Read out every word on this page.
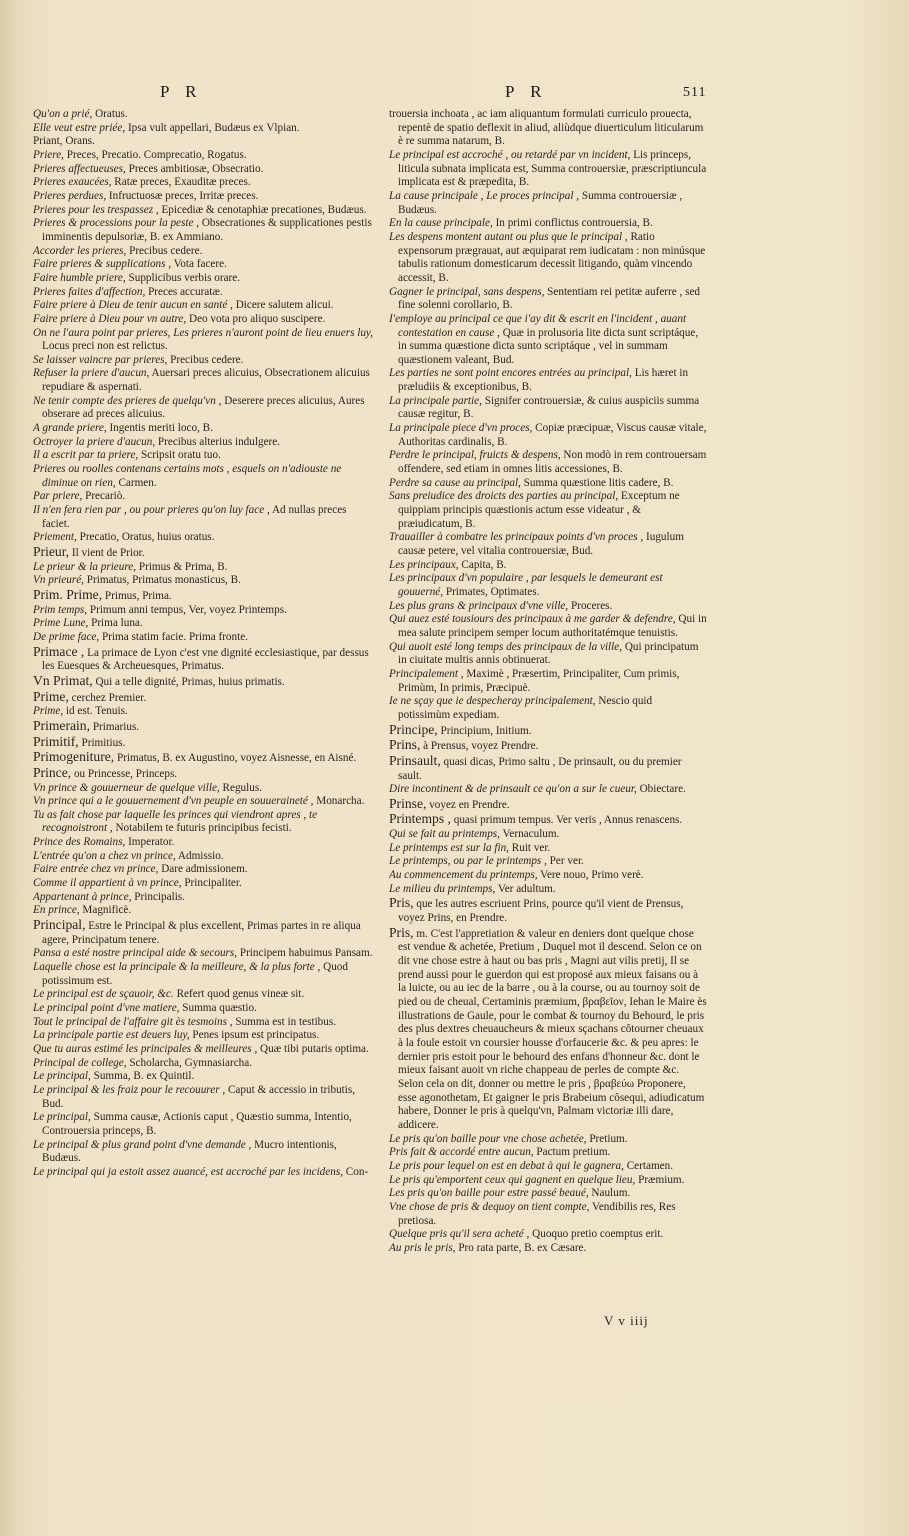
P R	P R	511
Qu'on a prié, Oratus.
Elle veut estre priée, Ipsa vult appellari, Budæus ex Vlpian.
Priant, Orans.
Priere, Preces, Precatio. Comprecatio, Rogatus.
Prieres affectueuses, Preces ambitiosæ, Obsecratio.
Prieres exaucées, Ratæ preces, Exauditæ preces.
Prieres perdues, Infructuosæ preces, Irritæ preces.
Prieres pour les trespassez , Epicediæ & cenotaphiæ precationes, Budæus.
Prieres & processions pour la peste , Obsecrationes & supplicationes pestis imminentis depulsoriæ, B. ex Ammiano.
Accorder les prieres, Precibus cedere.
Faire prieres & supplications , Vota facere.
Faire humble priere, Supplicibus verbis orare.
Prieres faites d'affection, Preces accuratæ.
Faire priere à Dieu de tenir aucun en santé , Dicere salutem alicui.
Faire priere à Dieu pour vn autre, Deo vota pro aliquo suscipere.
On ne l'aura point par prieres, Les prieres n'auront point de lieu enuers luy, Locus preci non est relictus.
Se laisser vaincre par prieres, Precibus cedere.
Refuser la priere d'aucun, Auersari preces alicuius, Obsecrationem alicuius repudiare & aspernati.
Ne tenir compte des prieres de quelqu'vn , Deserere preces alicuius, Aures obserare ad preces alicuius.
A grande priere, Ingentis meriti loco, B.
Octroyer la priere d'aucun, Precibus alterius indulgere.
Il a escrit par ta priere, Scripsit oratu tuo.
Prieres ou roolles contenans certains mots , esquels on n'adiouste ne diminue on rien, Carmen.
Par priere, Precariò.
Il n'en fera rien par , ou pour prieres qu'on luy face , Ad nullas preces faciet.
Priement, Precatio, Oratus, huius oratus.
Prieur, Il vient de Prior.
Le prieur & la prieure, Primus & Prima, B.
Vn prieuré, Primatus, Primatus monasticus, B.
Prim. Prime, Primus, Prima.
Prim temps, Primum anni tempus, Ver, voyez Printemps.
Prime Lune, Prima luna.
De prime face, Prima statim facie. Prima fronte.
Primace , La primace de Lyon c'est vne dignité ecclesiastique, par dessus les Euesques & Archeuesques, Primatus.
Vn Primat, Qui a telle dignité, Primas, huius primatis.
Prime, cerchez Premier.
Prime, id est. Tenuis.
Primerain, Primarius.
Primitif, Primitius.
Primogeniture, Primatus, B. ex Augustino, voyez Aisnesse, en Aisné.
Prince, ou Princesse, Princeps.
Vn prince & gouuerneur de quelque ville, Regulus.
Vn prince qui a le gouuernement d'vn peuple en souueraineté , Monarcha.
Tu as fait chose par laquelle les princes qui viendront apres , te recognoistront , Notabilem te futuris principibus fecisti.
Prince des Romains, Imperator.
L'entrée qu'on a chez vn prince, Admissio.
Faire entrée chez vn prince, Dare admissionem.
Comme il appartient à vn prince, Principaliter.
Appartenant à prince, Principalis.
En prince, Magnificè.
Principal, Estre le Principal & plus excellent, Primas partes in re aliqua agere, Principatum tenere.
Pansa a esté nostre principal aide & secours, Principem habuimus Pansam.
Laquelle chose est la principale & la meilleure, & la plus forte , Quod potissimum est.
Le principal est de sçauoir, &c. Refert quod genus vineæ sit.
Le principal point d'vne matiere, Summa quæstio.
Tout le principal de l'affaire git ès tesmoins , Summa est in testibus.
La principale partie est deuers luy, Penes ipsum est principatus.
Que tu auras estimé les principales & meilleures , Quæ tibi putaris optima.
Principal de college, Scholarcha, Gymnasiarcha.
Le principal, Summa, B. ex Quintil.
Le principal & les fraiz pour le recouurer , Caput & accessio in tributis, Bud.
Le principal, Summa causæ, Actionis caput , Quæstio summa, Intentio, Controuersia princeps, B.
Le principal & plus grand point d'vne demande , Mucro intentionis, Budæus.
Le principal qui ja estoit assez auancé, est accroché par les incidens, Con-
trouersia inchoata , ac iam aliquantum formulati curriculo prouecta, repentè de spatio deflexit in aliud, aliùdque diuerticulum liticularum è re summa natarum, B.
Le principal est accroché , ou retardé par vn incident, Lis princeps, liticula subnata implicata est, Summa controuersiæ, præscriptiuncula implicata est & præpedita, B.
La cause principale , Le proces principal , Summa controuersiæ , Budæus.
En la cause principale, In primi conflictus controuersia, B.
Les despens montent autant ou plus que le principal , Ratio expensorum prægrauat, aut æquiparat rem iudicatam : non minúsque tabulis rationum domesticarum decessit litigando, quàm vincendo accessit, B.
Gagner le principal, sans despens, Sententiam rei petitæ auferre , sed fine solenni corollario, B.
I'employe au principal ce que i'ay dit & escrit en l'incident , auant contestation en cause , Quæ in prolusoria lite dicta sunt scriptáque, in summa quæstione dicta sunto scriptáque , vel in summam quæstionem valeant, Bud.
Les parties ne sont point encores entrées au principal, Lis hæret in præludiis & exceptionibus, B.
La principale partie, Signifer controuersiæ, & cuius auspiciis summa causæ regitur, B.
La principale piece d'vn proces, Copiæ præcipuæ, Viscus causæ vitale, Authoritas cardinalis, B.
Perdre le principal, fruicts & despens, Non modò in rem controuersam offendere, sed etiam in omnes litis accessiones, B.
Perdre sa cause au principal, Summa quæstione litis cadere, B.
Sans preiudice des droicts des parties au principal, Exceptum ne quippiam principis quæstionis actum esse videatur , & præiudicatum, B.
Trauailler à combatre les principaux points d'vn proces , Iugulum causæ petere, vel vitalia controuersiæ, Bud.
Les principaux, Capita, B.
Les principaux d'vn populaire , par lesquels le demeurant est gouuerné, Primates, Optimates.
Les plus grans & principaux d'vne ville, Proceres.
Qui auez esté tousiours des principaux à me garder & defendre, Qui in mea salute principem semper locum authoritatémque tenuistis.
Qui auoit esté long temps des principaux de la ville, Qui principatum in ciuitate multis annis obtinuerat.
Principalement , Maximè , Præsertim, Principaliter, Cum primis, Primùm, In primis, Præcipuè.
Ie ne sçay que ie despecheray principalement, Nescio quid potissimùm expediam.
Principe, Principium, Initium.
Prins, à Prensus, voyez Prendre.
Prinsault, quasi dicas, Primo saltu , De prinsault, ou du premier sault.
Dire incontinent & de prinsault ce qu'on a sur le cueur, Obiectare.
Prinse, voyez en Prendre.
Printemps , quasi primum tempus. Ver veris , Annus renascens.
Qui se fait au printemps, Vernaculum.
Le printemps est sur la fin, Ruit ver.
Le printemps, ou par le printemps , Per ver.
Au commencement du printemps, Vere nouo, Primo verè.
Le milieu du printemps, Ver adultum.
Pris, que les autres escriuent Prins, pource qu'il vient de Prensus, voyez Prins, en Prendre.
Pris, m. C'est l'appretiation & valeur en deniers dont quelque chose est vendue & achetée, Pretium , Duquel mot il descend. Selon ce on dit vne chose estre à haut ou bas pris , Magni aut vilis pretij, Il se prend aussi pour le guerdon qui est proposé aux mieux faisans ou à la luicte, ou au iec de la barre , ou à la course, ou au tournoy soit de pied ou de cheual, Certaminis præmium, βραβεῖον, Iehan le Maire ès illustrations de Gaule, pour le combat & tournoy du Behourd, le pris des plus dextres cheuaucheurs & mieux sçachans côtourner cheuaux à la foule estoit vn coursier housse d'orfaucerie &c. & peu apres: le dernier pris estoit pour le behourd des enfans d'honneur &c. dont le mieux faisant auoit vn riche chappeau de perles de compte &c. Selon cela on dit, donner ou mettre le pris , βραβεύω Proponere, esse agonothetam, Et gaigner le pris Brabeium côsequi, adiudicatum habere, Donner le pris à quelqu'vn, Palmam victoriæ illi dare, addicere.
Le pris qu'on baille pour vne chose achetée, Pretium.
Pris fait & accordé entre aucun, Pactum pretium.
Le pris pour lequel on est en debat à qui le gagnera, Certamen.
Le pris qu'emportent ceux qui gagnent en quelque lieu, Præmium.
Les pris qu'on baille pour estre passé beaué, Naulum.
Vne chose de pris & dequoy on tient compte, Vendibilis res, Res pretiosa.
Quelque pris qu'il sera acheté , Quoquo pretio coemptus erit.
Au pris le pris, Pro rata parte, B. ex Cæsare.
V v iiij
